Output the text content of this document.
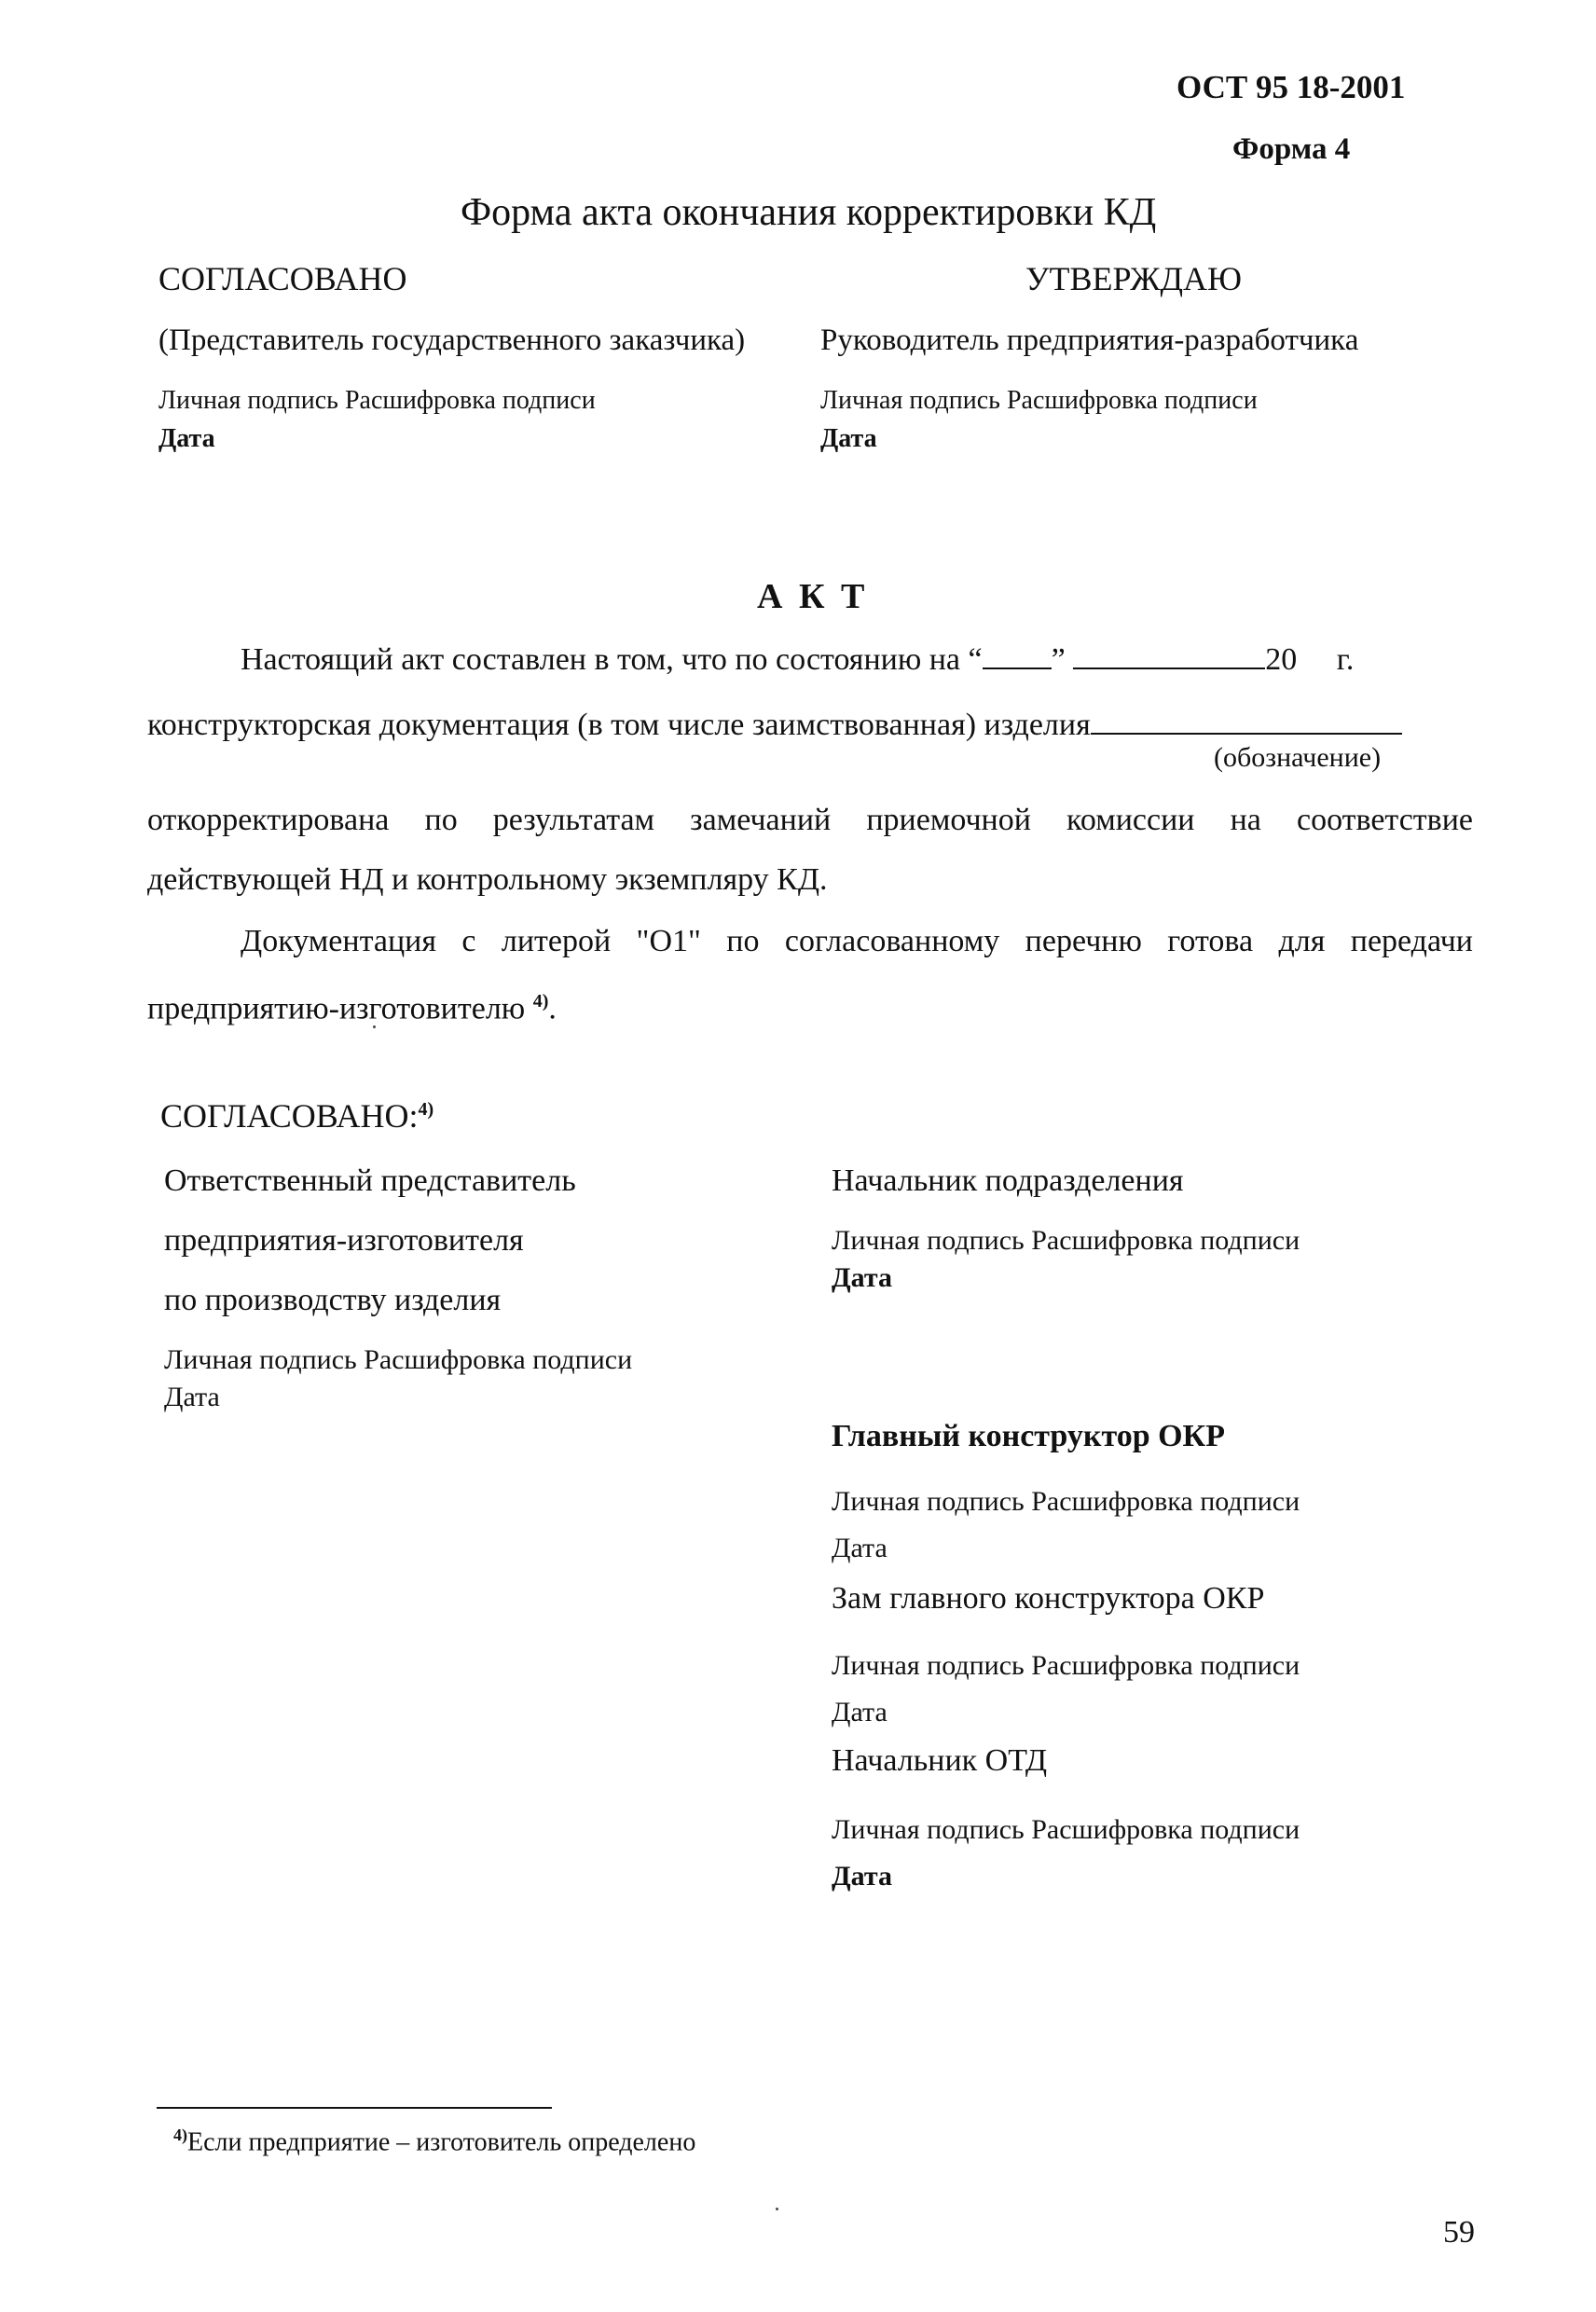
ОСТ 95 18-2001
Форма 4
Форма акта окончания корректировки КД
СОГЛАСОВАНО	УТВЕРЖДАЮ
(Представитель государственного заказчика) Руководитель предприятия-разработчика
Личная подпись Расшифровка подписи
Дата
Личная подпись Расшифровка подписи
Дата
А К Т
Настоящий акт составлен в том, что по состоянию на “ ”	20 г.
конструкторская документация (в том числе заимствованная) изделия
(обозначение)
откорректирована по результатам замечаний приемочной комиссии на соответствие
действующей НД и контрольному экземпляру КД.
Документация с литерой "О1" по согласованному перечню готова для передачи
предприятию-изготовителю $^{4)}$.
СОГЛАСОВАНО:$^{4)}$
Ответственный представитель
предприятия-изготовителя
по производству изделия
Личная подпись Расшифровка подписи
Дата
Начальник подразделения
Личная подпись Расшифровка подписи
Дата
Главный конструктор ОКР
Личная подпись Расшифровка подписи
Дата
Зам главного конструктора ОКР
Личная подпись Расшифровка подписи
Дата
Начальник ОТД
Личная подпись Расшифровка подписи
Дата
$^{4)}$Если предприятие – изготовитель определено
59
